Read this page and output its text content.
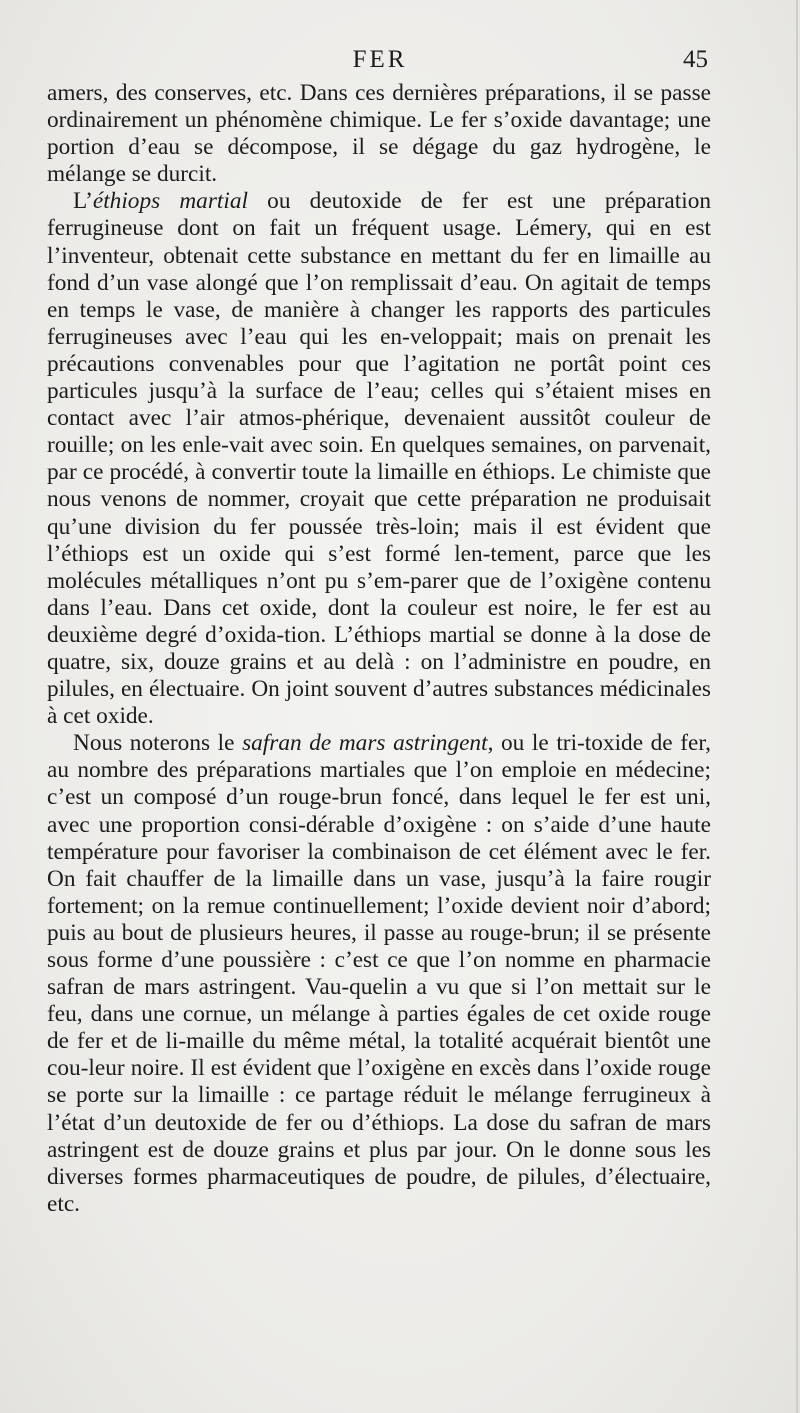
FER	45

amers, des conserves, etc. Dans ces dernières préparations, il se passe ordinairement un phénomène chimique. Le fer s’oxide davantage; une portion d’eau se décompose, il se dégage du gaz hydrogène, le mélange se durcit.

L’éthiops martial ou deutoxide de fer est une préparation ferrugineuse dont on fait un fréquent usage. Lémery, qui en est l’inventeur, obtenait cette substance en mettant du fer en limaille au fond d’un vase alongé que l’on remplissait d’eau. On agitait de temps en temps le vase, de manière à changer les rapports des particules ferrugineuses avec l’eau qui les en-veloppait; mais on prenait les précautions convenables pour que l’agitation ne portât point ces particules jusqu’à la surface de l’eau; celles qui s’étaient mises en contact avec l’air atmos-phérique, devenaient aussitôt couleur de rouille; on les enle-vait avec soin. En quelques semaines, on parvenait, par ce procédé, à convertir toute la limaille en éthiops. Le chimiste que nous venons de nommer, croyait que cette préparation ne produisait qu’une division du fer poussée très-loin; mais il est évident que l’éthiops est un oxide qui s’est formé len-tement, parce que les molécules métalliques n’ont pu s’em-parer que de l’oxigène contenu dans l’eau. Dans cet oxide, dont la couleur est noire, le fer est au deuxième degré d’oxida-tion. L’éthiops martial se donne à la dose de quatre, six, douze grains et au delà : on l’administre en poudre, en pilules, en électuaire. On joint souvent d’autres substances médicinales à cet oxide.

Nous noterons le safran de mars astringent, ou le tri-toxide de fer, au nombre des préparations martiales que l’on emploie en médecine; c’est un composé d’un rouge-brun foncé, dans lequel le fer est uni, avec une proportion consi-dérable d’oxigène : on s’aide d’une haute température pour favoriser la combinaison de cet élément avec le fer. On fait chauffer de la limaille dans un vase, jusqu’à la faire rougir fortement; on la remue continuellement; l’oxide devient noir d’abord; puis au bout de plusieurs heures, il passe au rouge-brun; il se présente sous forme d’une poussière : c’est ce que l’on nomme en pharmacie safran de mars astringent. Vau-quelin a vu que si l’on mettait sur le feu, dans une cornue, un mélange à parties égales de cet oxide rouge de fer et de li-maille du même métal, la totalité acquérait bientôt une cou-leur noire. Il est évident que l’oxigène en excès dans l’oxide rouge se porte sur la limaille : ce partage réduit le mélange ferrugineux à l’état d’un deutoxide de fer ou d’éthiops. La dose du safran de mars astringent est de douze grains et plus par jour. On le donne sous les diverses formes pharmaceutiques de poudre, de pilules, d’électuaire, etc.
